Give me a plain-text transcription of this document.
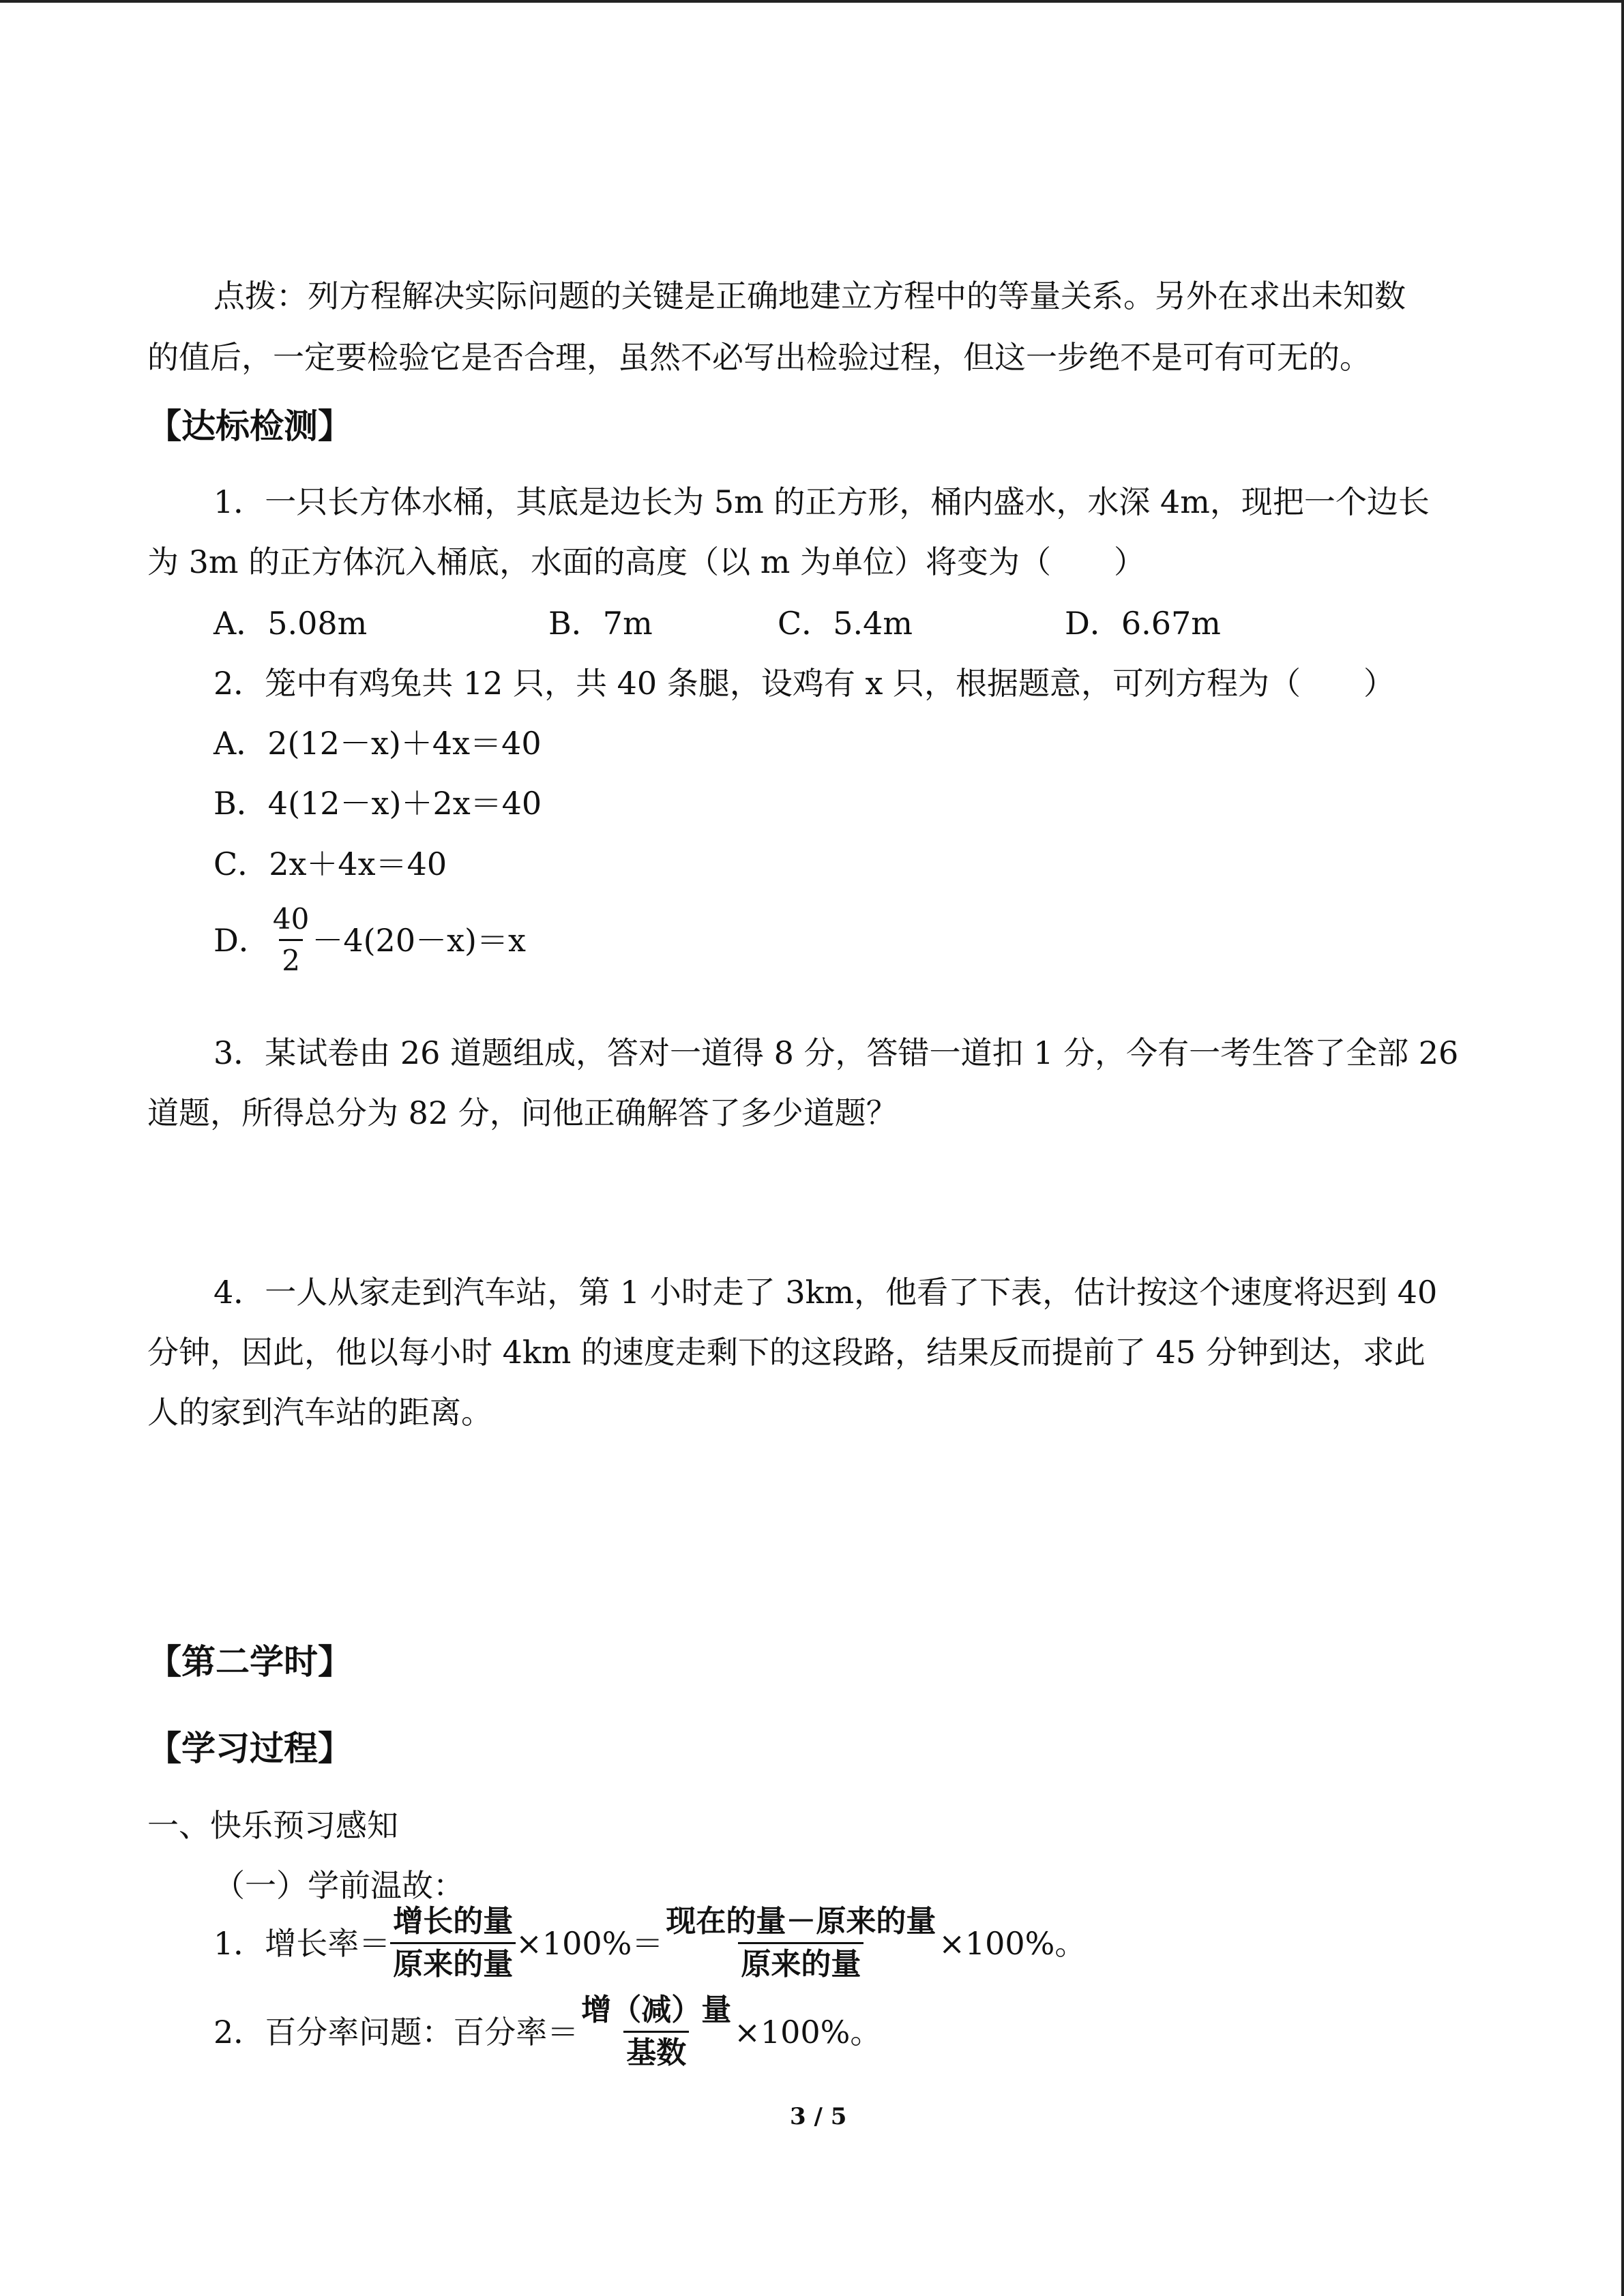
点拨：列方程解决实际问题的关键是正确地建立方程中的等量关系。另外在求出未知数
的值后，一定要检验它是否合理，虽然不必写出检验过程，但这一步绝不是可有可无的。
【达标检测】
1．一只长方体水桶，其底是边长为 5m 的正方形，桶内盛水，水深 4m，现把一个边长
为 3m 的正方体沉入桶底，水面的高度（以 m 为单位）将变为（　　）
A．5.08m	B．7m	C．5.4m	D．6.67m
2．笼中有鸡兔共 12 只，共 40 条腿，设鸡有 x 只，根据题意，可列方程为（　　）
A．2(12－x)＋4x＝40
B．4(12－x)＋2x＝40
C．2x＋4x＝40
D． $\frac{40}{2} -4(20-x)=x$
3．某试卷由 26 道题组成，答对一道得 8 分，答错一道扣 1 分，今有一考生答了全部 26
道题，所得总分为 82 分，问他正确解答了多少道题？
4．一人从家走到汽车站，第 1 小时走了 3km，他看了下表，估计按这个速度将迟到 40
分钟，因此，他以每小时 4km 的速度走剩下的这段路，结果反而提前了 45 分钟到达，求此
人的家到汽车站的距离。
【第二学时】
【学习过程】
一、快乐预习感知
（一）学前温故：
1．增长率＝ $\frac{\text{增长的量}}{\text{原来的量}} \times 100\%= \frac{\text{现在的量－原来的量}}{\text{原来的量}} \times 100\%$。
2．百分率问题：百分率＝ $\frac{\text{增（减）量}}{\text{基数}} \times 100\%$。
3 / 5
